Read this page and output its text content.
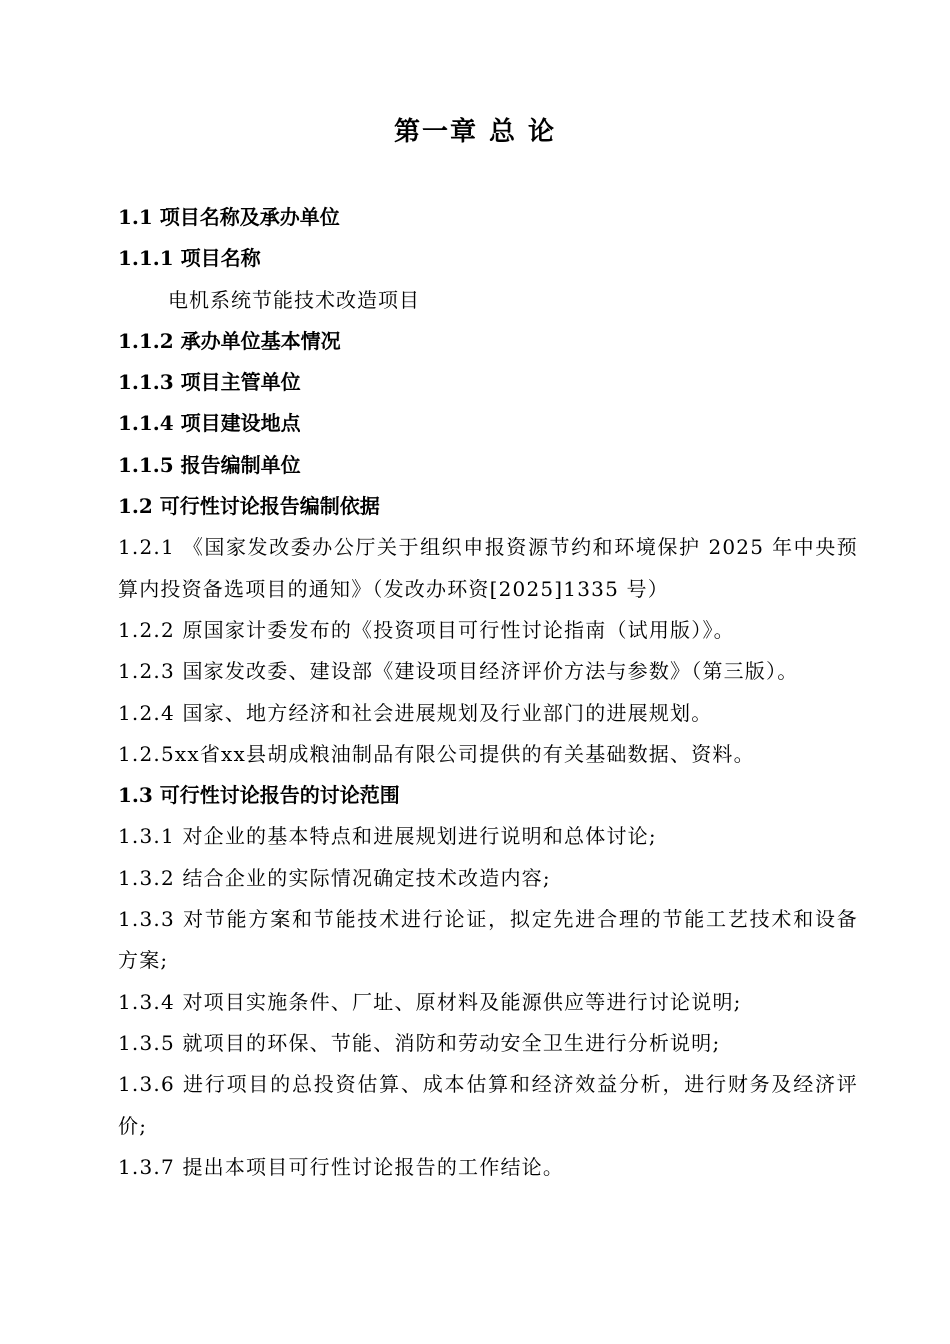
第一章 总 论
1.1 项目名称及承办单位
1.1.1 项目名称
电机系统节能技术改造项目
1.1.2 承办单位基本情况
1.1.3 项目主管单位
1.1.4 项目建设地点
1.1.5 报告编制单位
1.2 可行性讨论报告编制依据
1.2.1 《国家发改委办公厅关于组织申报资源节约和环境保护 2025 年中央预算内投资备选项目的通知》（发改办环资[2025]1335 号）
1.2.2 原国家计委发布的《投资项目可行性讨论指南（试用版）》。
1.2.3 国家发改委、建设部《建设项目经济评价方法与参数》（第三版）。
1.2.4 国家、地方经济和社会进展规划及行业部门的进展规划。
1.2.5xx省xx县胡成粮油制品有限公司提供的有关基础数据、资料。
1.3 可行性讨论报告的讨论范围
1.3.1 对企业的基本特点和进展规划进行说明和总体讨论;
1.3.2 结合企业的实际情况确定技术改造内容;
1.3.3 对节能方案和节能技术进行论证，拟定先进合理的节能工艺技术和设备方案;
1.3.4 对项目实施条件、厂址、原材料及能源供应等进行讨论说明;
1.3.5 就项目的环保、节能、消防和劳动安全卫生进行分析说明;
1.3.6 进行项目的总投资估算、成本估算和经济效益分析，进行财务及经济评价;
1.3.7 提出本项目可行性讨论报告的工作结论。
